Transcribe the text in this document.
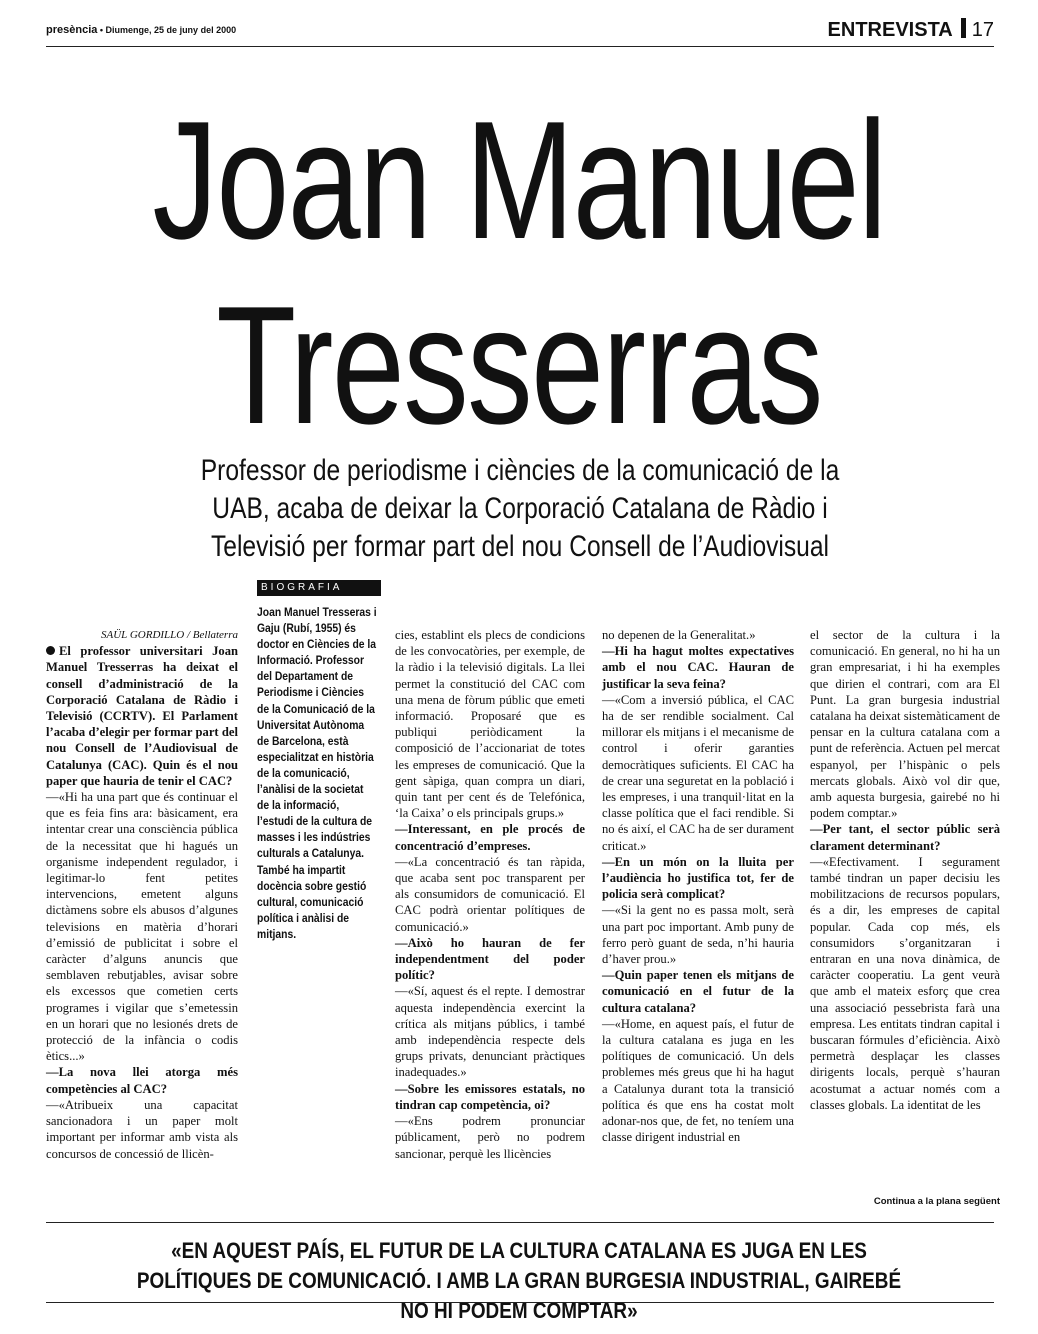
presència • Diumenge, 25 de juny del 2000	ENTREVISTA 17
Joan Manuel
Tresserras
Professor de periodisme i ciències de la comunicació de la UAB, acaba de deixar la Corporació Catalana de Ràdio i Televisió per formar part del nou Consell de l’Audiovisual
BIOGRAFIA
Joan Manuel Tresseras i Gaju (Rubí, 1955) és doctor en Ciències de la Informació. Professor del Departament de Periodisme i Ciències de la Comunicació de la Universitat Autònoma de Barcelona, està especialitzat en història de la comunicació, l’anàlisi de la societat de la informació, l’estudi de la cultura de masses i les indústries culturals a Catalunya. També ha impartit docència sobre gestió cultural, comunicació política i anàlisi de mitjans.

SAÜL GORDILLO / Bellaterra

El professor universitari Joan Manuel Tresserras ha deixat el consell d’administració de la Corporació Catalana de Ràdio i Televisió (CCRTV). El Parlament l’acaba d’elegir per formar part del nou Consell de l’Audiovisual de Catalunya (CAC). Quin és el nou paper que hauria de tenir el CAC?

—«Hi ha una part que és continuar el que es feia fins ara: bàsicament, era intentar crear una consciència pública de la necessitat que hi hagués un organisme independent regulador, i legitimar-lo fent petites intervencions, emetent alguns dictàmens sobre els abusos d’algunes televisions en matèria d’horari d’emissió de publicitat i sobre el caràcter d’alguns anuncis que semblaven rebutjables, avisar sobre els excessos que cometien certs programes i vigilar que s’emetessin en un horari que no lesionés drets de protecció de la infància o codis ètics...»

—La nova llei atorga més competències al CAC?

—«Atribueix una capacitat sancionadora i un paper molt important per informar amb vista als concursos de concessió de llicèn-

cies, establint els plecs de condicions de les convocatòries, per exemple, de la ràdio i la televisió digitals. La llei permet la constitució del CAC com una mena de fòrum públic que emeti informació. Proposaré que es publiqui periòdicament la composició de l’accionariat de totes les empreses de comunicació. Que la gent sàpiga, quan compra un diari, quin tant per cent és de Telefónica, ‘la Caixa’ o els principals grups.»

—Interessant, en ple procés de concentració d’empreses.

—«La concentració és tan ràpida, que acaba sent poc transparent per als consumidors de comunicació. El CAC podrà orientar polítiques de comunicació.»

—Això ho hauran de fer independentment del poder polític?

—«Sí, aquest és el repte. I demostrar aquesta independència exercint la crítica als mitjans públics, i també amb independència respecte dels grups privats, denunciant pràctiques inadequades.»

—Sobre les emissores estatals, no tindran cap competència, oi?

—«Ens podrem pronunciar públicament, però no podrem sancionar, perquè les llicències

no depenen de la Generalitat.»

—Hi ha hagut moltes expectatives amb el nou CAC. Hauran de justificar la seva feina?

—«Com a inversió pública, el CAC ha de ser rendible socialment. Cal millorar els mitjans i el mecanisme de control i oferir garanties democràtiques suficients. El CAC ha de crear una seguretat en la població i les empreses, i una tranquil·litat en la classe política que el faci rendible. Si no és així, el CAC ha de ser durament criticat.»

—En un món on la lluita per l’audiència ho justifica tot, fer de policia serà complicat?

—«Si la gent no es passa molt, serà una part poc important. Amb puny de ferro però guant de seda, n’hi hauria d’haver prou.»

—Quin paper tenen els mitjans de comunicació en el futur de la cultura catalana?

—«Home, en aquest país, el futur de la cultura catalana es juga en les polítiques de comunicació. Un dels problemes més greus que hi ha hagut a Catalunya durant tota la transició política és que ens ha costat molt adonar-nos que, de fet, no teníem una classe dirigent industrial en

el sector de la cultura i la comunicació. En general, no hi ha un gran empresariat, i hi ha exemples que dirien el contrari, com ara El Punt. La gran burgesia industrial catalana ha deixat sistemàticament de pensar en la cultura catalana com a punt de referència. Actuen pel mercat espanyol, per l’hispànic o pels mercats globals. Això vol dir que, amb aquesta burgesia, gairebé no hi podem comptar.»

—Per tant, el sector públic serà clarament determinant?

—«Efectivament. I segurament també tindran un paper decisiu les mobilitzacions de recursos populars, és a dir, les empreses de capital popular. Cada cop més, els consumidors s’organitzaran i entraran en una nova dinàmica, de caràcter cooperatiu. La gent veurà que amb el mateix esforç que crea una associació pessebrista farà una empresa. Les entitats tindran capital i buscaran fórmules d’eficiència. Això permetrà desplaçar les classes dirigents locals, perquè s’hauran acostumat a actuar només com a classes globals. La identitat de les

Continua a la plana següent
«EN AQUEST PAÍS, EL FUTUR DE LA CULTURA CATALANA ES JUGA EN LES POLÍTIQUES DE COMUNICACIÓ. I AMB LA GRAN BURGESIA INDUSTRIAL, GAIREBÉ NO HI PODEM COMPTAR»
